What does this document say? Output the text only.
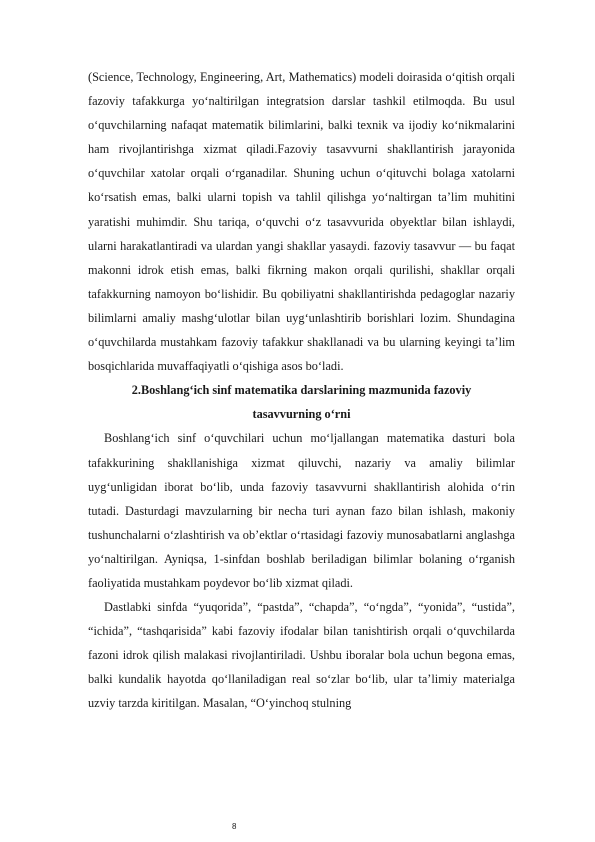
(Science, Technology, Engineering, Art, Mathematics) modeli doirasida o‘qitish orqali fazoviy tafakkurga yo‘naltirilgan integratsion darslar tashkil etilmoqda. Bu usul o‘quvchilarning nafaqat matematik bilimlarini, balki texnik va ijodiy ko‘nikmalarini ham rivojlantirishga xizmat qiladi.Fazoviy tasavvurni shakllantirish jarayonida o‘quvchilar xatolar orqali o‘rganadilar. Shuning uchun o‘qituvchi bolaga xatolarni ko‘rsatish emas, balki ularni topish va tahlil qilishga yo‘naltirgan ta’lim muhitini yaratishi muhimdir. Shu tariqa, o‘quvchi o‘z tasavvurida obyektlar bilan ishlaydi, ularni harakatlantiradi va ulardan yangi shakllar yasaydi. fazoviy tasavvur — bu faqat makonni idrok etish emas, balki fikrning makon orqali qurilishi, shakllar orqali tafakkurning namoyon bo‘lishidir. Bu qobiliyatni shakllantirishda pedagoglar nazariy bilimlarni amaliy mashg‘ulotlar bilan uyg‘unlashtirib borishlari lozim. Shundagina o‘quvchilarda mustahkam fazoviy tafakkur shakllanadi va bu ularning keyingi ta’lim bosqichlarida muvaffaqiyatli o‘qishiga asos bo‘ladi.

2.Boshlang‘ich sinf matematika darslarining mazmunida fazoviy
tasavvurning o‘rni

Boshlang‘ich sinf o‘quvchilari uchun mo‘ljallangan matematika dasturi bola tafakkurining shakllanishiga xizmat qiluvchi, nazariy va amaliy bilimlar uyg‘unligidan iborat bo‘lib, unda fazoviy tasavvurni shakllantirish alohida o‘rin tutadi. Dasturdagi mavzularning bir necha turi aynan fazo bilan ishlash, makoniy tushunchalarni o‘zlashtirish va ob’ektlar o‘rtasidagi fazoviy munosabatlarni anglashga yo‘naltirilgan. Ayniqsa, 1-sinfdan boshlab beriladigan bilimlar bolaning o‘rganish faoliyatida mustahkam poydevor bo‘lib xizmat qiladi.

Dastlabki sinfda “yuqorida”, “pastda”, “chapda”, “o‘ngda”, “yonida”, “ustida”, “ichida”, “tashqarisida” kabi fazoviy ifodalar bilan tanishtirish orqali o‘quvchilarda fazoni idrok qilish malakasi rivojlantiriladi. Ushbu iboralar bola uchun begona emas, balki kundalik hayotda qo‘llaniladigan real so‘zlar bo‘lib, ular ta’limiy materialga uzviy tarzda kiritilgan. Masalan, “O‘yinchoq stulning

8
